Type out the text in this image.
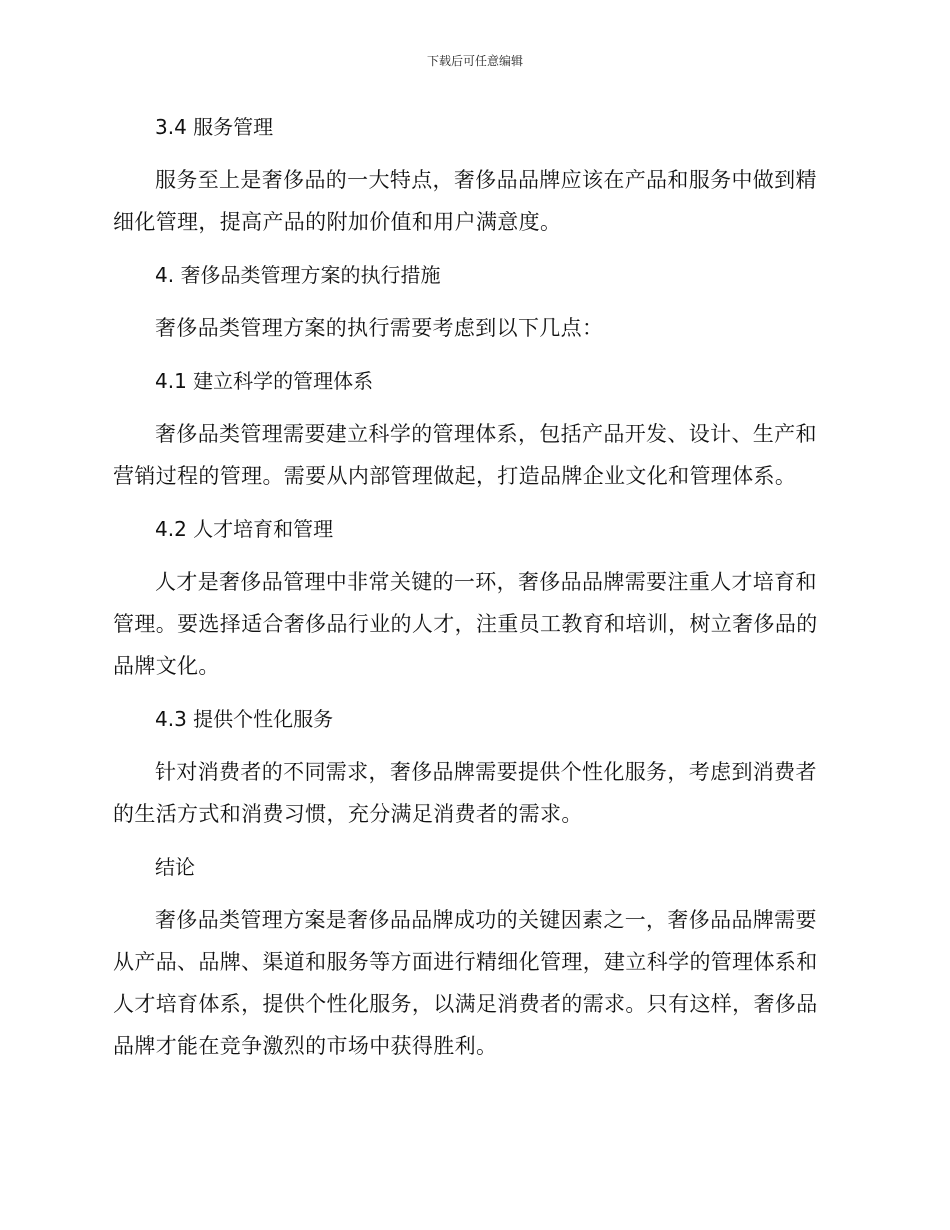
下载后可任意编辑
3.4 服务管理

服务至上是奢侈品的一大特点，奢侈品品牌应该在产品和服务中做到精细化管理，提高产品的附加价值和用户满意度。

4. 奢侈品类管理方案的执行措施

奢侈品类管理方案的执行需要考虑到以下几点：

4.1 建立科学的管理体系

奢侈品类管理需要建立科学的管理体系，包括产品开发、设计、生产和营销过程的管理。需要从内部管理做起，打造品牌企业文化和管理体系。

4.2 人才培育和管理

人才是奢侈品管理中非常关键的一环，奢侈品品牌需要注重人才培育和管理。要选择适合奢侈品行业的人才，注重员工教育和培训，树立奢侈品的品牌文化。

4.3 提供个性化服务

针对消费者的不同需求，奢侈品牌需要提供个性化服务，考虑到消费者的生活方式和消费习惯，充分满足消费者的需求。

结论

奢侈品类管理方案是奢侈品品牌成功的关键因素之一，奢侈品品牌需要从产品、品牌、渠道和服务等方面进行精细化管理，建立科学的管理体系和人才培育体系，提供个性化服务，以满足消费者的需求。只有这样，奢侈品品牌才能在竞争激烈的市场中获得胜利。
